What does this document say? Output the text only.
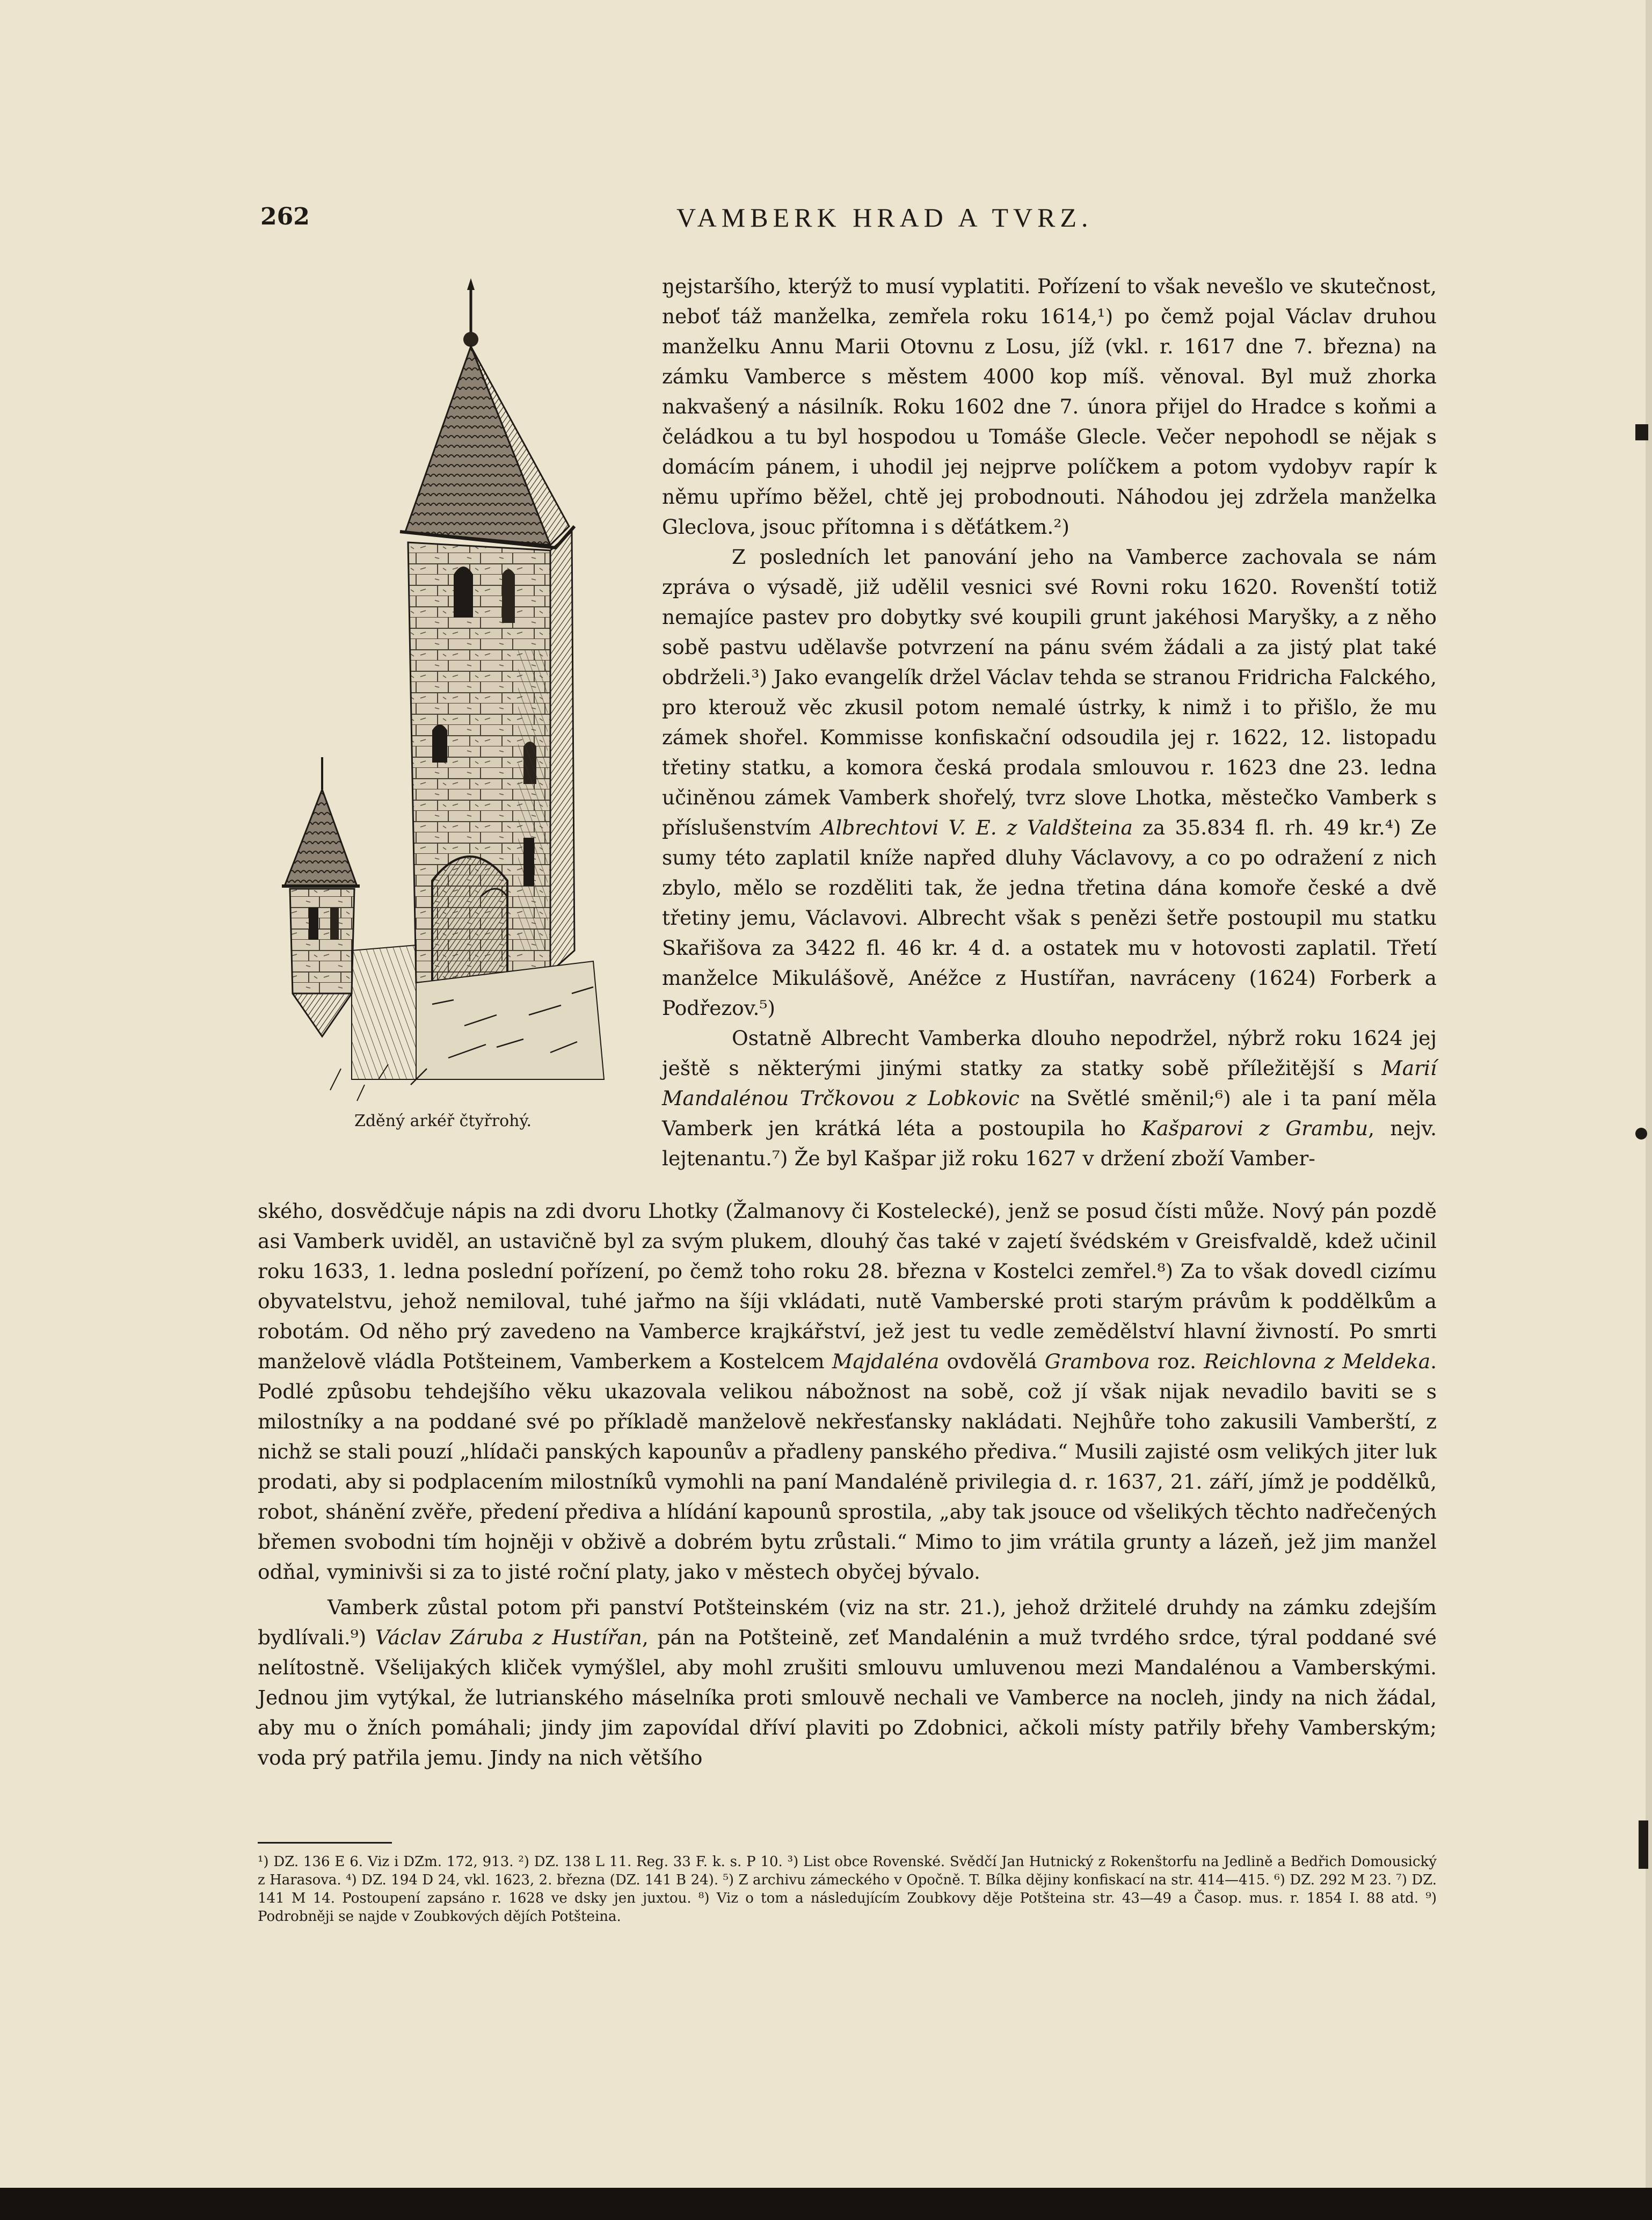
262	VAMBERK HRAD A TVRZ.
Zděný arkéř čtyřrohý.

ŋejstaršího, kterýž to musí vyplatiti. Pořízení to však nevešlo ve skutečnost, neboť táž manželka, zemřela roku 1614,¹) po čemž pojal Václav druhou manželku Annu Marii Otovnu z Losu, jíž (vkl. r. 1617 dne 7. března) na zámku Vamberce s městem 4000 kop míš. věnoval. Byl muž zhorka nakvašený a násilník. Roku 1602 dne 7. února přijel do Hradce s koňmi a čeládkou a tu byl hospodou u Tomáše Glecle. Večer nepohodl se nějak s domácím pánem, i uhodil jej nejprve políčkem a potom vydobyv rapír k němu upřímo běžel, chtě jej probodnouti. Náhodou jej zdržela manželka Gleclova, jsouc přítomna i s děťátkem.²)

Z posledních let panování jeho na Vamberce zachovala se nám zpráva o výsadě, již udělil vesnici své Rovni roku 1620. Rovenští totiž nemajíce pastev pro dobytky své koupili grunt jakéhosi Maryšky, a z něho sobě pastvu udělavše potvrzení na pánu svém žádali a za jistý plat také obdrželi.³) Jako evangelík držel Václav tehda se stranou Fridricha Falckého, pro kterouž věc zkusil potom nemalé ústrky, k nimž i to přišlo, že mu zámek shořel. Kommisse konfiskační odsoudila jej r. 1622, 12. listopadu třetiny statku, a komora česká prodala smlouvou r. 1623 dne 23. ledna učiněnou zámek Vamberk shořelý, tvrz slove Lhotka, městečko Vamberk s příslušenstvím Albrechtovi V. E. z Valdšteina za 35.834 fl. rh. 49 kr.⁴) Ze sumy této zaplatil kníže napřed dluhy Václavovy, a co po odražení z nich zbylo, mělo se rozděliti tak, že jedna třetina dána komoře české a dvě třetiny jemu, Václavovi. Albrecht však s penězi šetře postoupil mu statku Skařišova za 3422 fl. 46 kr. 4 d. a ostatek mu v hotovosti zaplatil. Třetí manželce Mikulášově, Anéžce z Hustířan, navráceny (1624) Forberk a Podřezov.⁵)

Ostatně Albrecht Vamberka dlouho nepodržel, nýbrž roku 1624 jej ještě s některými jinými statky za statky sobě příležitější s Marií Mandalénou Trčkovou z Lobkovic na Světlé směnil;⁶) ale i ta paní měla Vamberk jen krátká léta a postoupila ho Kašparovi z Grambu, nejv. lejtenantu.⁷) Že byl Kašpar již roku 1627 v držení zboží Vamber-

ského, dosvědčuje nápis na zdi dvoru Lhotky (Žalmanovy či Kostelecké), jenž se posud čísti může. Nový pán pozdě asi Vamberk uviděl, an ustavičně byl za svým plukem, dlouhý čas také v zajetí švédském v Greisfvaldě, kdež učinil roku 1633, 1. ledna poslední pořízení, po čemž toho roku 28. března v Kostelci zemřel.⁸) Za to však dovedl cizímu obyvatelstvu, jehož nemiloval, tuhé jařmo na šíji vkládati, nutě Vamberské proti starým právům k poddělkům a robotám. Od něho prý zavedeno na Vamberce krajkářství, jež jest tu vedle zemědělství hlavní živností. Po smrti manželově vládla Potšteinem, Vamberkem a Kostelcem Majdaléna ovdovělá Grambova roz. Reichlovna z Meldeka. Podlé způsobu tehdejšího věku ukazovala velikou nábožnost na sobě, což jí však nijak nevadilo baviti se s milostníky a na poddané své po příkladě manželově nekřesťansky nakládati. Nejhůře toho zakusili Vamberští, z nichž se stali pouzí „hlídači panských kapounův a přadleny panského přediva.“ Musili zajisté osm velikých jiter luk prodati, aby si podplacením milostníků vymohli na paní Mandaléně privilegia d. r. 1637, 21. září, jímž je poddělků, robot, shánění zvěře, předení přediva a hlídání kapounů sprostila, „aby tak jsouce od všelikých těchto nadřečených břemen svobodni tím hojněji v obživě a dobrém bytu zrůstali.“ Mimo to jim vrátila grunty a lázeň, jež jim manžel odňal, vyminivši si za to jisté roční platy, jako v městech obyčej bývalo.

Vamberk zůstal potom při panství Potšteinském (viz na str. 21.), jehož držitelé druhdy na zámku zdejším bydlívali.⁹) Václav Záruba z Hustířan, pán na Potšteině, zeť Mandalénin a muž tvrdého srdce, týral poddané své nelítostně. Všelijakých kliček vymýšlel, aby mohl zrušiti smlouvu umluvenou mezi Mandalénou a Vamberskými. Jednou jim vytýkal, že lutrianského máselníka proti smlouvě nechali ve Vamberce na nocleh, jindy na nich žádal, aby mu o žních pomáhali; jindy jim zapovídal dříví plaviti po Zdobnici, ačkoli místy patřily břehy Vamberským; voda prý patřila jemu. Jindy na nich většího

¹) DZ. 136 E 6. Viz i DZm. 172, 913. ²) DZ. 138 L 11. Reg. 33 F. k. s. P 10. ³) List obce Rovenské. Svědčí Jan Hutnický z Rokenštorfu na Jedlině a Bedřich Domousický z Harasova. ⁴) DZ. 194 D 24, vkl. 1623, 2. března (DZ. 141 B 24). ⁵) Z archivu zámeckého v Opočně. T. Bílka dějiny konfiskací na str. 414—415. ⁶) DZ. 292 M 23. ⁷) DZ. 141 M 14. Postoupení zapsáno r. 1628 ve dsky jen juxtou. ⁸) Viz o tom a následujícím Zoubkovy děje Potšteina str. 43—49 a Časop. mus. r. 1854 I. 88 atd. ⁹) Podrobněji se najde v Zoubkových dějích Potšteina.
